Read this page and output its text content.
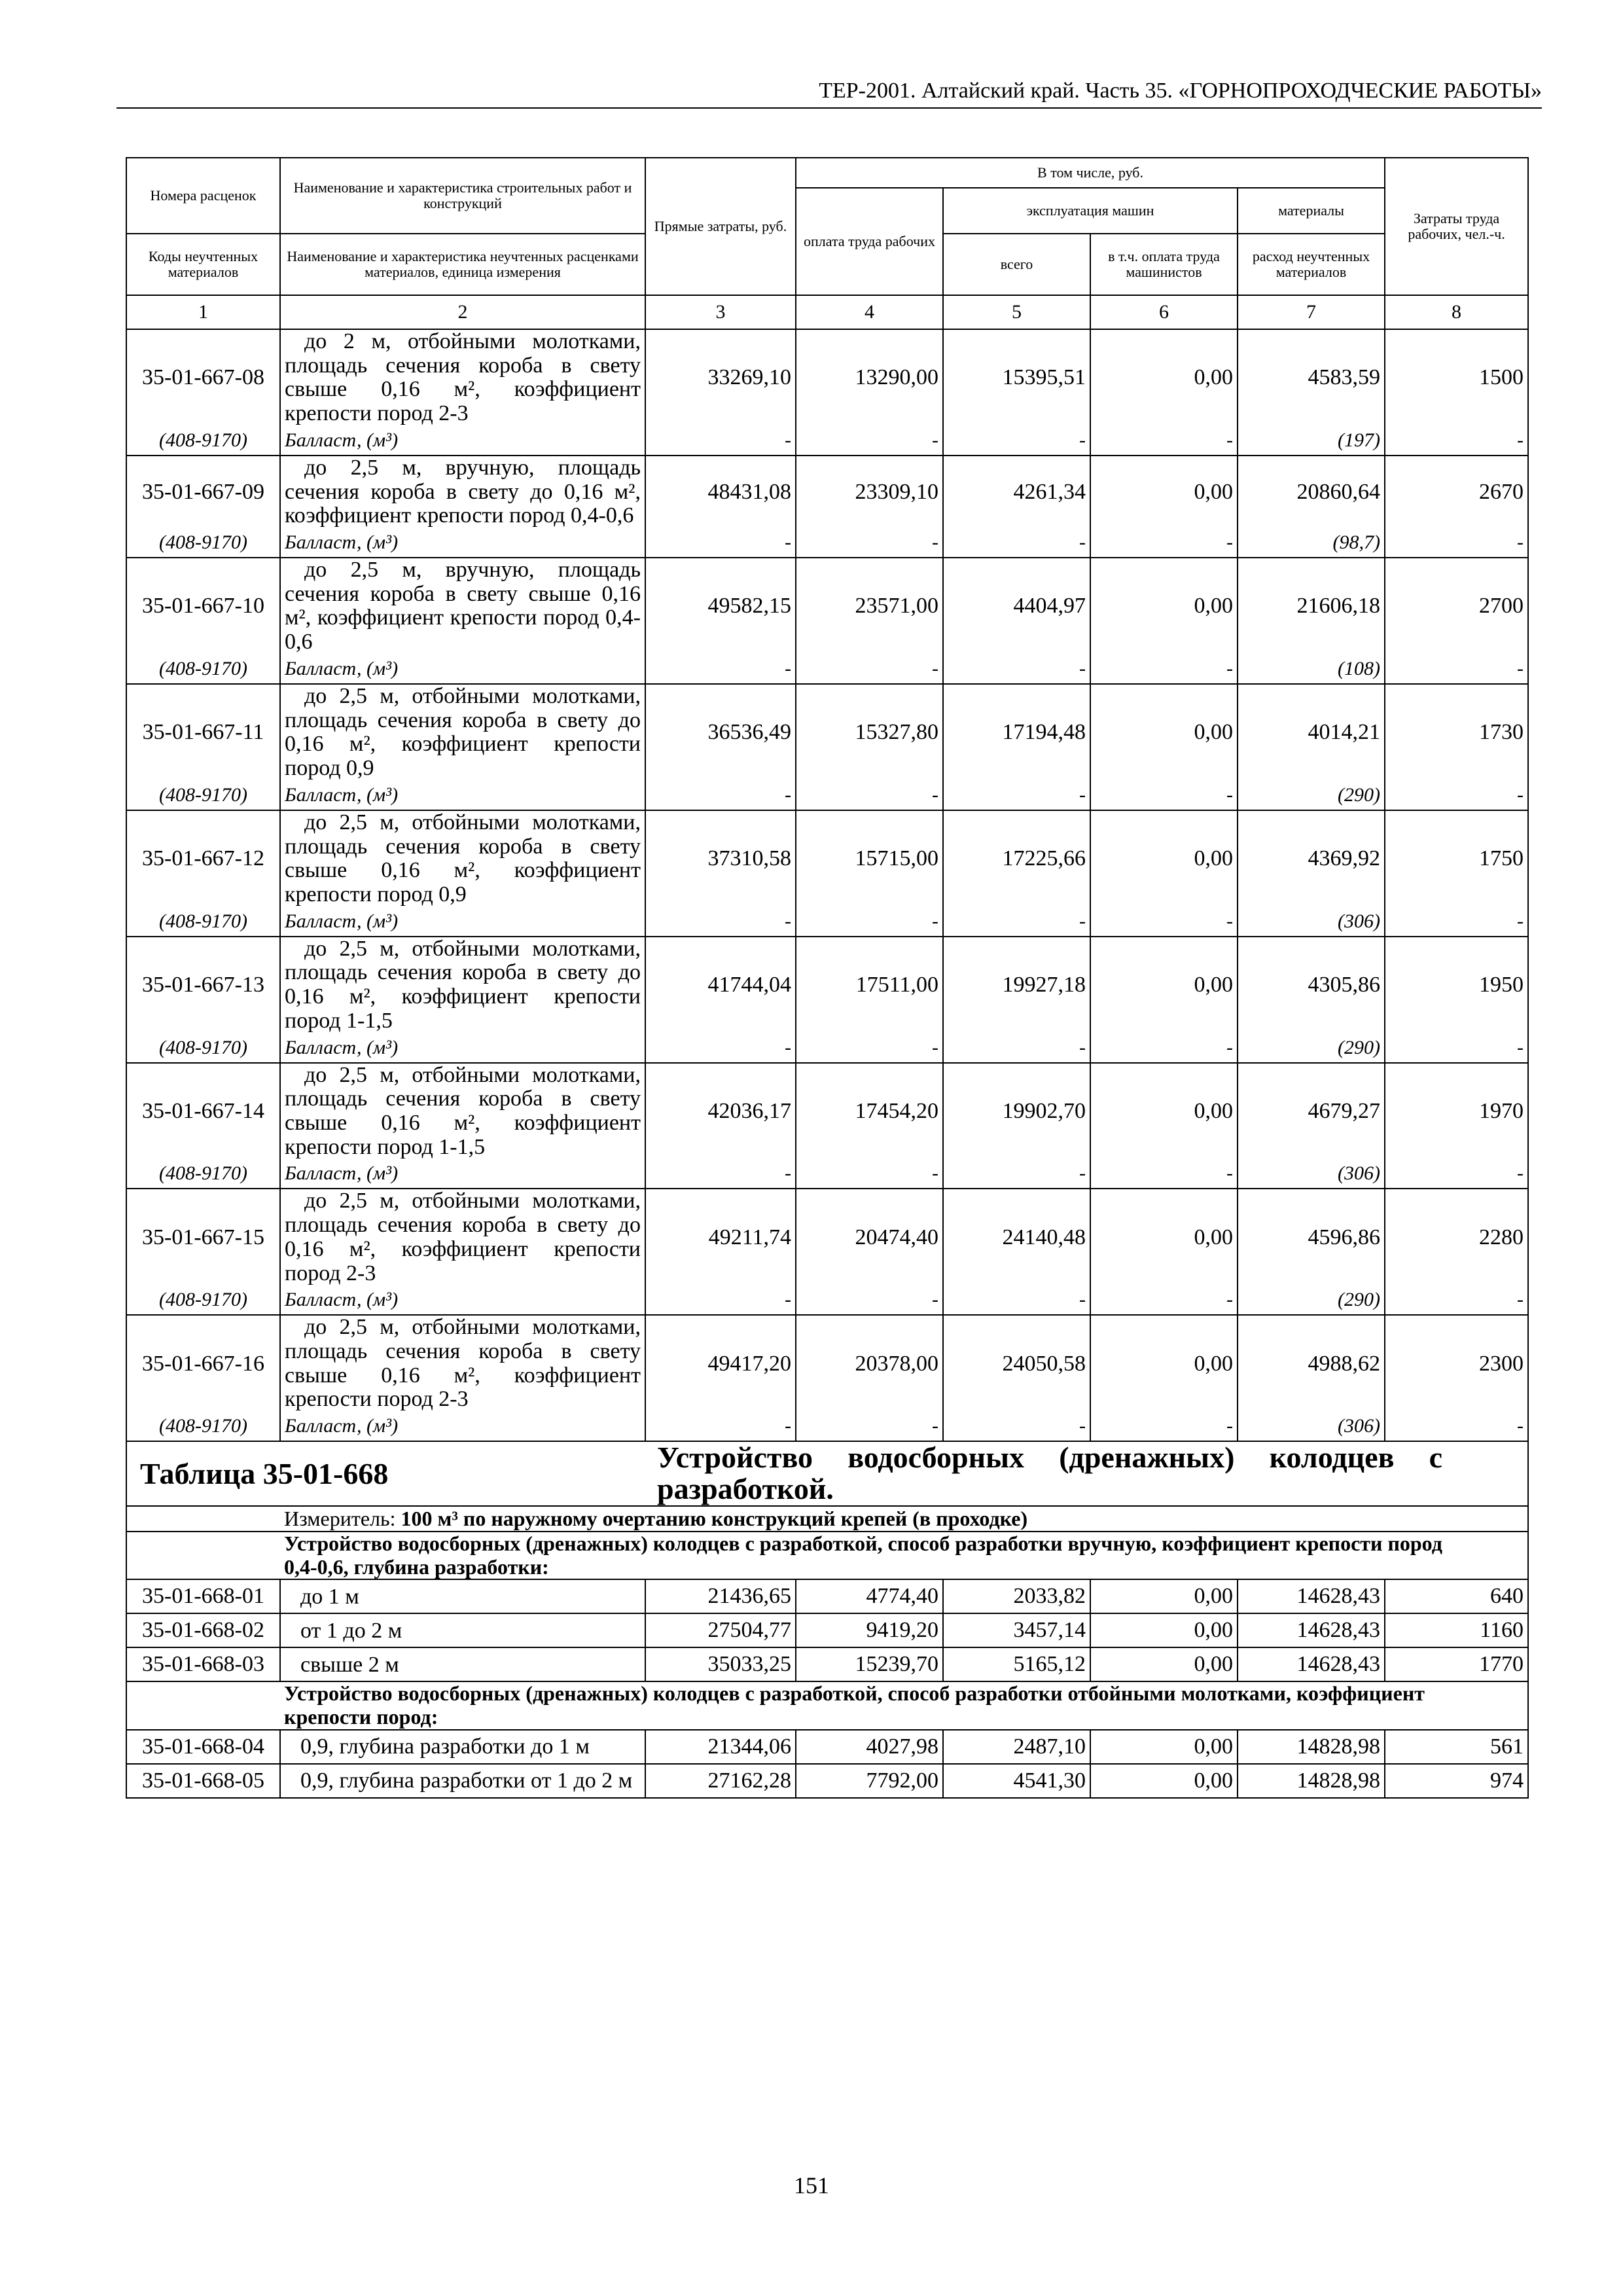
ТЕР-2001. Алтайский край. Часть 35. «ГОРНОПРОХОДЧЕСКИЕ РАБОТЫ»
Номера расценок	Наименование и характеристика строительных работ и конструкций	Прямые затраты, руб.	В том числе, руб.				Затраты труда рабочих, чел.-ч.
			оплата труда рабочих	эксплуатация машин		материалы	
Коды неучтенных материалов	Наименование и характеристика неучтенных расценками материалов, единица измерения			всего	в т.ч. оплата труда машинистов	расход неучтенных материалов	

1	2	3	4	5	6	7	8
35-01-667-08	до 2 м, отбойными молотками, площадь сечения короба в свету свыше 0,16 м², коэффициент крепости пород 2-3	33269,10	13290,00	15395,51	0,00	4583,59	1500
(408-9170)	Балласт, (м³)	-	-	-	-	(197)	-
35-01-667-09	до 2,5 м, вручную, площадь сечения короба в свету до 0,16 м², коэффициент крепости пород 0,4-0,6	48431,08	23309,10	4261,34	0,00	20860,64	2670
(408-9170)	Балласт, (м³)	-	-	-	-	(98,7)	-
35-01-667-10	до 2,5 м, вручную, площадь сечения короба в свету свыше 0,16 м², коэффициент крепости пород 0,4-0,6	49582,15	23571,00	4404,97	0,00	21606,18	2700
(408-9170)	Балласт, (м³)	-	-	-	-	(108)	-
35-01-667-11	до 2,5 м, отбойными молотками, площадь сечения короба в свету до 0,16 м², коэффициент крепости пород 0,9	36536,49	15327,80	17194,48	0,00	4014,21	1730
(408-9170)	Балласт, (м³)	-	-	-	-	(290)	-
35-01-667-12	до 2,5 м, отбойными молотками, площадь сечения короба в свету свыше 0,16 м², коэффициент крепости пород 0,9	37310,58	15715,00	17225,66	0,00	4369,92	1750
(408-9170)	Балласт, (м³)	-	-	-	-	(306)	-
35-01-667-13	до 2,5 м, отбойными молотками, площадь сечения короба в свету до 0,16 м², коэффициент крепости пород 1-1,5	41744,04	17511,00	19927,18	0,00	4305,86	1950
(408-9170)	Балласт, (м³)	-	-	-	-	(290)	-
35-01-667-14	до 2,5 м, отбойными молотками, площадь сечения короба в свету свыше 0,16 м², коэффициент крепости пород 1-1,5	42036,17	17454,20	19902,70	0,00	4679,27	1970
(408-9170)	Балласт, (м³)	-	-	-	-	(306)	-
35-01-667-15	до 2,5 м, отбойными молотками, площадь сечения короба в свету до 0,16 м², коэффициент крепости пород 2-3	49211,74	20474,40	24140,48	0,00	4596,86	2280
(408-9170)	Балласт, (м³)	-	-	-	-	(290)	-
35-01-667-16	до 2,5 м, отбойными молотками, площадь сечения короба в свету свыше 0,16 м², коэффициент крепости пород 2-3	49417,20	20378,00	24050,58	0,00	4988,62	2300
(408-9170)	Балласт, (м³)	-	-	-	-	(306)	-
Таблица 35-01-668		Устройство водосборных (дренажных) колодцев с разработкой.					
	Измеритель: 100 м³ по наружному очертанию конструкций крепей (в проходке)						
	Устройство водосборных (дренажных) колодцев с разработкой, способ разработки вручную, коэффициент крепости пород 0,4-0,6, глубина разработки:						
35-01-668-01	до 1 м	21436,65	4774,40	2033,82	0,00	14628,43	640
35-01-668-02	от 1 до 2 м	27504,77	9419,20	3457,14	0,00	14628,43	1160
35-01-668-03	свыше 2 м	35033,25	15239,70	5165,12	0,00	14628,43	1770
	Устройство водосборных (дренажных) колодцев с разработкой, способ разработки отбойными молотками, коэффициент крепости пород:						
35-01-668-04	0,9, глубина разработки до 1 м	21344,06	4027,98	2487,10	0,00	14828,98	561
35-01-668-05	0,9, глубина разработки от 1 до 2 м	27162,28	7792,00	4541,30	0,00	14828,98	974
151
